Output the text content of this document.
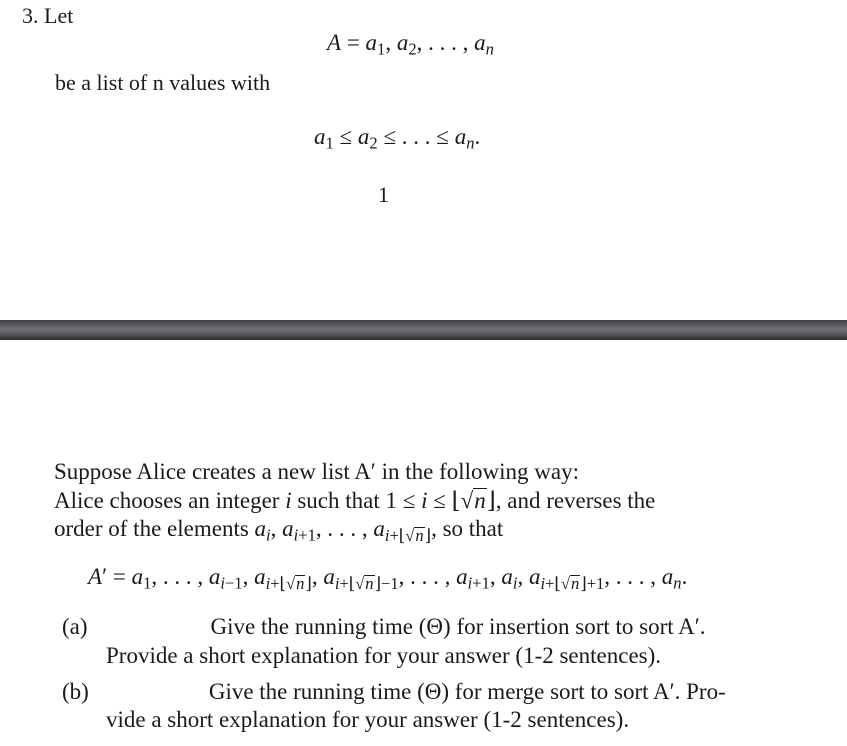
3. Let
$A = a_1$, $a_2$, . . . , $a_n$
be a list of n values with
$a_1 \le a_2$ ≤ . . . ≤ $a_n$.
1
Suppose Alice creates a new list A′ in the following way:
Alice chooses an integer i such that 1 ≤ i ≤ ⌊√n⌋, and reverses the
order of the elements $a_i$, $a_{i+1}$, . . . , $a_{i+⌊√n⌋}$, so that
$A' = a_1$, . . . , $a_{i-1}$, $a_{i+⌊√n⌋}$, $a_{i+⌊√n⌋-1}$, . . . , $a_{i+1}$, $a_i$, $a_{i+⌊√n⌋+1}$, . . . , $a_n$.
(a)	Give the running time (Θ) for insertion sort to sort A′.
Provide a short explanation for your answer (1-2 sentences).
(b)	Give the running time (Θ) for merge sort to sort A′. Pro-
vide a short explanation for your answer (1-2 sentences).
